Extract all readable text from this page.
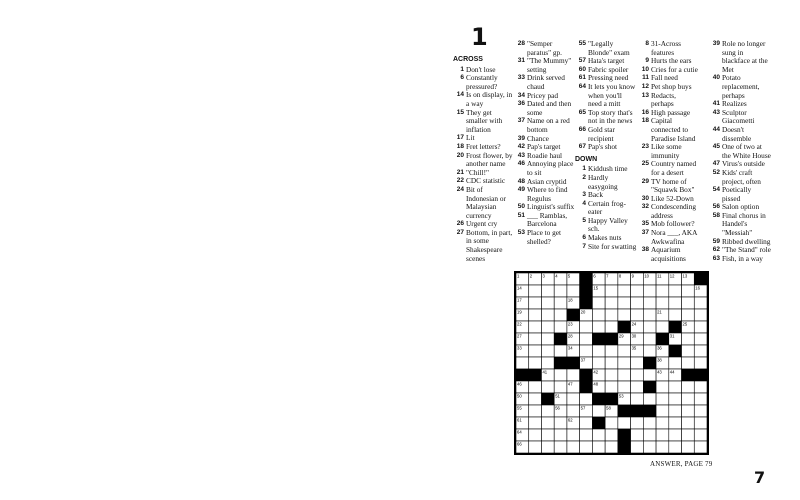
1
ACROSS
1 Don't lose
6 Constantly pressured?
14 Is on display, in a way
15 They get smaller with inflation
17 Lit
18 Fret letters?
20 Frost flower, by another name
21 "Chill!"
22 CDC statistic
24 Bit of Indonesian or Malaysian currency
26 Urgent cry
27 Bottom, in part, in some Shakespeare scenes
28 "Semper paratus" gp.
31 "The Mummy" setting
33 Drink served chaud
34 Pricey pad
36 Dated and then some
37 Name on a red bottom
39 Chance
42 Pap's target
43 Roadie haul
46 Annoying place to sit
48 Asian cryptid
49 Where to find Regulus
50 Linguist's suffix
51 ___ Ramblas, Barcelona
53 Place to get shelled?
55 "Legally Blonde" exam
57 Hata's target
60 Fabric spoiler
61 Pressing need
64 It lets you know when you'll need a mitt
65 Top story that's not in the news
66 Gold star recipient
67 Pap's shot
DOWN
1 Kiddush time
2 Hardly easygoing
3 Back
4 Certain frog-eater
5 Happy Valley sch.
6 Makes nuts
7 Site for swatting
8 31-Across features
9 Hurts the ears
10 Cries for a cutie
11 Fall need
12 Pet shop buys
13 Redacts, perhaps
16 High passage
18 Capital connected to Paradise Island
23 Like some immunity
25 Country named for a desert
29 TV home of "Squawk Box"
30 Like 52-Down
32 Condescending address
35 Mob follower?
37 Nora ___, AKA Awkwafina
38 Aquarium acquisitions
39 Role no longer sung in blackface at the Met
40 Potato replacement, perhaps
41 Realizes
43 Sculptor Giacometti
44 Doesn't dissemble
45 One of two at the White House
47 Virus's outside
52 Kids' craft project, often
54 Poetically pissed
56 Salon option
58 Final chorus in Handel's "Messiah"
59 Ribbed dwelling
62 "The Stand" role
63 Fish, in a way
1 2 3 4 5	6 7 8 9 10 11 12 13
14	15	16
17	18
19	20	21
22	23	24	25
27	28	29 30	31
33	34	35	36
37	38
39 40 41	42	43 44 45
46	47	48	49
50	51	52	53
55	56	57	58	59 60
61	62
64
66	67
ANSWER, PAGE 79
7
